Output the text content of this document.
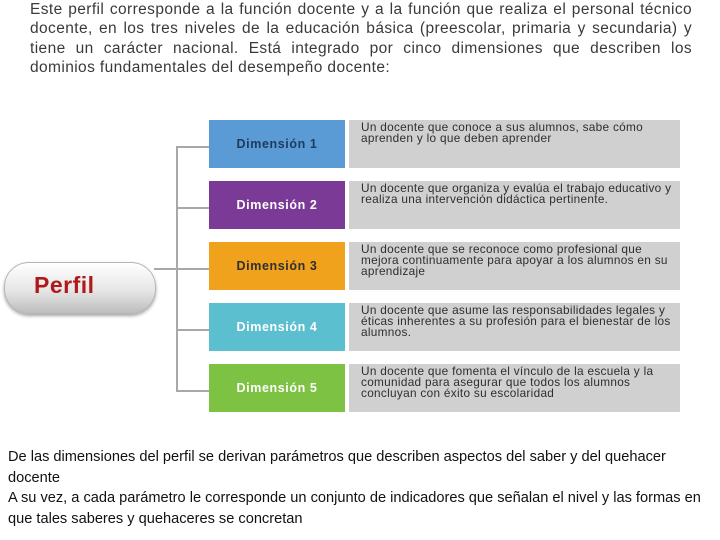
Este perfil corresponde a la función docente y a la función que realiza el personal técnico docente, en los tres niveles de la educación básica (preescolar, primaria y secundaria) y tiene un carácter nacional. Está integrado por cinco dimensiones que describen los dominios fundamentales del desempeño docente:
Perfil
Dimensión 1
Un docente que conoce a sus alumnos, sabe cómo aprenden y lo que deben aprender
Dimensión 2
Un docente que organiza y evalúa el trabajo educativo y realiza una intervención didáctica pertinente.
Dimensión 3
Un docente que se reconoce como profesional que mejora continuamente para apoyar a los alumnos en su aprendizaje
Dimensión 4
Un docente que asume las responsabilidades legales y éticas inherentes a su profesión para el bienestar de los alumnos.
Dimensión 5
Un docente que fomenta el vínculo de la escuela y la comunidad para asegurar que todos los alumnos concluyan con éxito su escolaridad

De las dimensiones del perfil se derivan parámetros que describen aspectos del saber y del quehacer docente

A su vez, a cada parámetro le corresponde un conjunto de indicadores que señalan el nivel y las formas en que tales saberes y quehaceres se concretan
